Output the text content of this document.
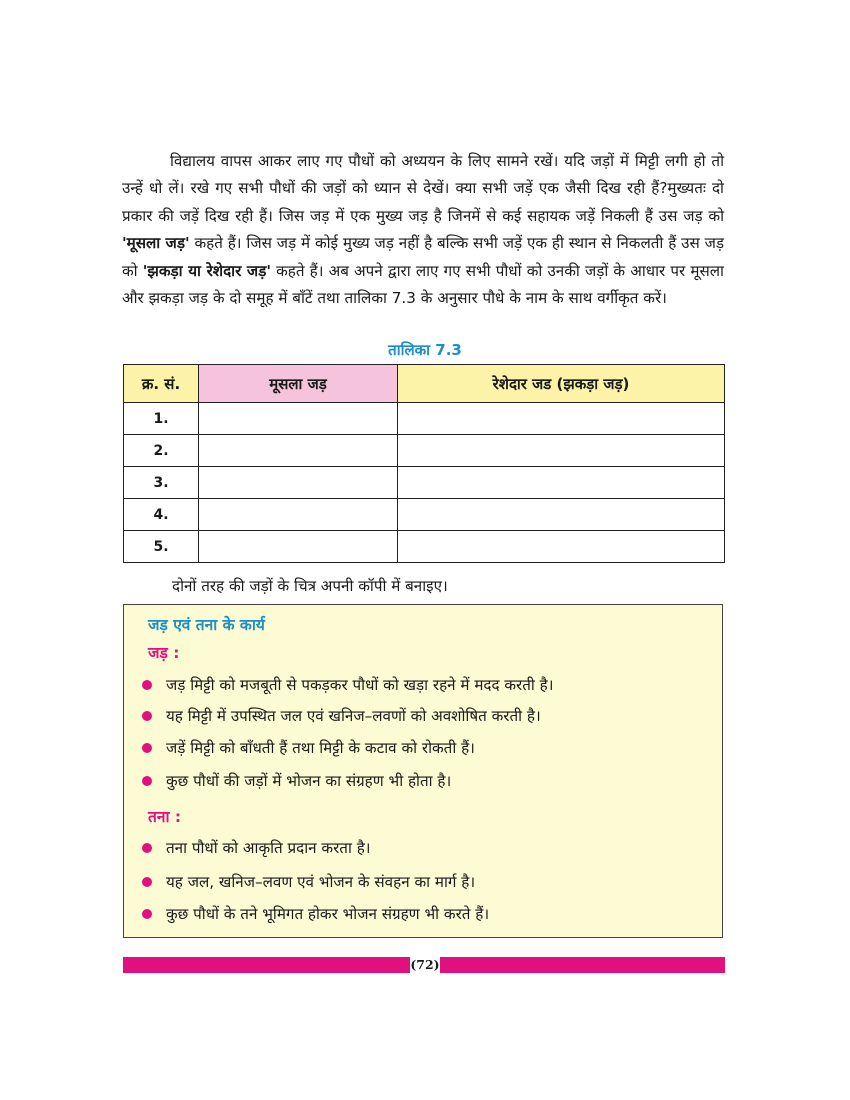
विद्यालय वापस आकर लाए गए पौधों को अध्ययन के लिए सामने रखें। यदि जड़ों में मिट्टी लगी हो तो उन्हें धो लें। रखे गए सभी पौधों की जड़ों को ध्यान से देखें। क्या सभी जड़ें एक जैसी दिख रही हैं?मुख्यतः दो प्रकार की जड़ें दिख रही हैं। जिस जड़ में एक मुख्य जड़ है जिनमें से कई सहायक जड़ें निकली हैं उस जड़ को 'मूसला जड़' कहते हैं। जिस जड़ में कोई मुख्य जड़ नहीं है बल्कि सभी जड़ें एक ही स्थान से निकलती हैं उस जड़ को 'झकड़ा या रेशेदार जड़' कहते हैं। अब अपने द्वारा लाए गए सभी पौधों को उनकी जड़ों के आधार पर मूसला और झकड़ा जड़ के दो समूह में बाँटें तथा तालिका 7.3 के अनुसार पौधे के नाम के साथ वर्गीकृत करें।

तालिका 7.3
क्र. सं.	मूसला जड़	रेशेदार जड (झकड़ा जड़)
1.		
2.		
3.		
4.		
5.		
दोनों तरह की जड़ों के चित्र अपनी कॉपी में बनाइए।
जड़ एवं तना के कार्य
जड़ :
जड़ मिट्टी को मजबूती से पकड़कर पौधों को खड़ा रहने में मदद करती है।
यह मिट्टी में उपस्थित जल एवं खनिज–लवणों को अवशोषित करती है।
जड़ें मिट्टी को बाँधती हैं तथा मिट्टी के कटाव को रोकती हैं।
कुछ पौधों की जड़ों में भोजन का संग्रहण भी होता है।
तना :
तना पौधों को आकृति प्रदान करता है।
यह जल, खनिज–लवण एवं भोजन के संवहन का मार्ग है।
कुछ पौधों के तने भूमिगत होकर भोजन संग्रहण भी करते हैं।
(72)
